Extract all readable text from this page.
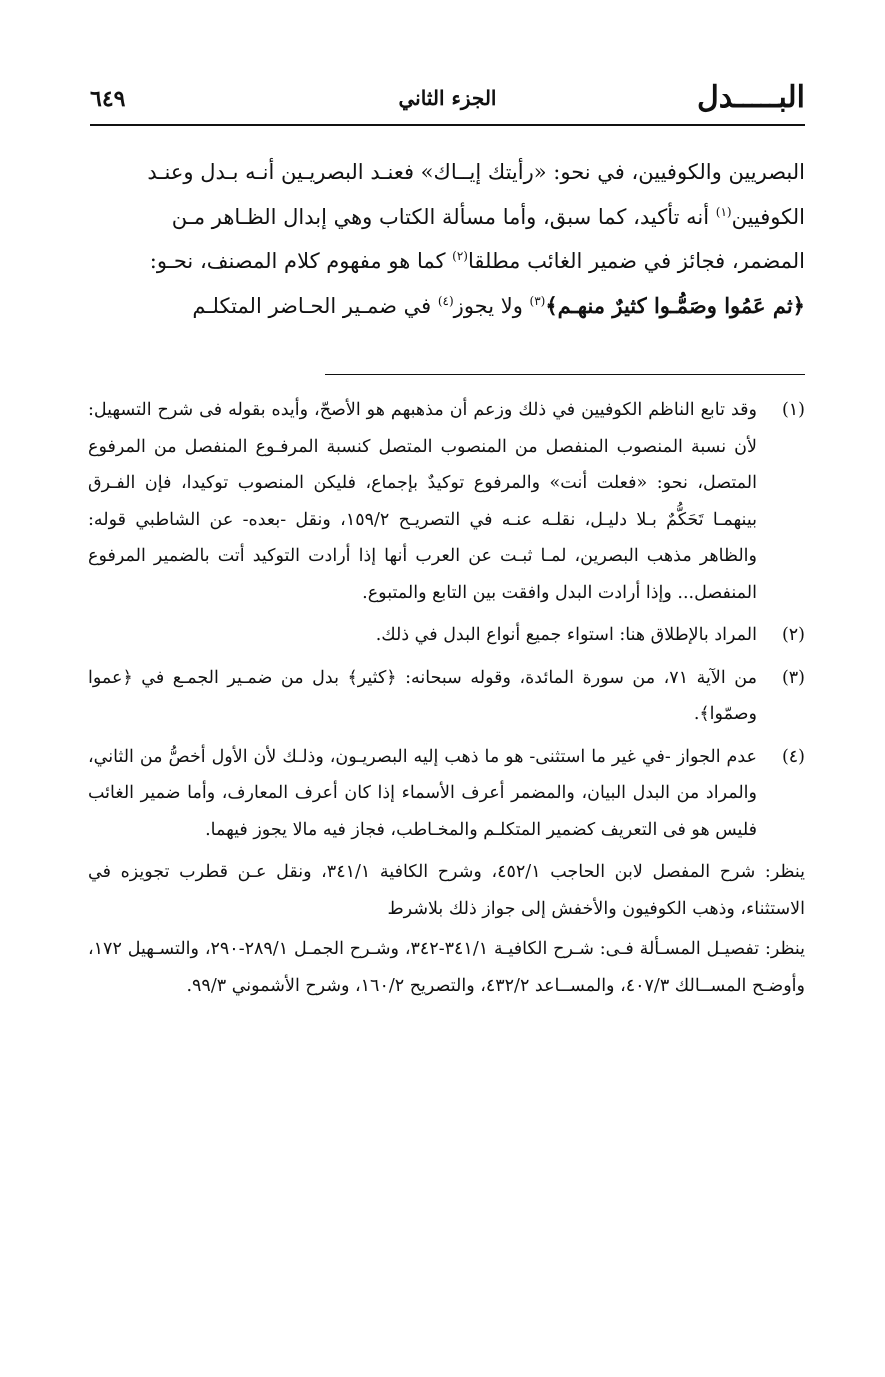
البـــــدل
الجزء الثاني
٦٤٩

البصريين والكوفيين، في نحو: «رأيتك إيــاك» فعنـد البصريـين أنـه بـدل وعنـد

الكوفيين$^{(١)}$ أنه تأكيد، كما سبق، وأما مسألة الكتاب وهي إبدال الظـاهر مـن

المضمر، فجائز في ضمير الغائب مطلقا$^{(٢)}$ كما هو مفهوم كلام المصنف، نحـو:

﴿ثم عَمُوا وصَمُّـوا كثيرٌ منهـم﴾$^{(٣)}$ ولا يجوز$^{(٤)}$ في ضمـير الحـاضر المتكلـم

(١)
وقد تابع الناظم الكوفيين في ذلك وزعم أن مذهبهم هو الأصحّ، وأيده بقوله فى شرح التسهيل: لأن نسبة المنصوب المنفصل من المنصوب المتصل كنسبة المرفـوع المنفصل من المرفوع المتصل، نحو: «فعلت أنت» والمرفوع توكيدٌ بإجماع، فليكن المنصوب توكيدا، فإن الفـرق بينهمـا تَحَكُّمٌ بـلا دليـل، نقلـه عنـه في التصريـح ١٥٩/٢، ونقل -بعده- عن الشاطبي قوله: والظاهر مذهب البصرين، لمـا ثبـت عن العرب أنها إذا أرادت التوكيد أتت بالضمير المرفوع المنفصل... وإذا أرادت البدل وافقت بين التابع والمتبوع.
(٢)
المراد بالإطلاق هنا: استواء جميع أنواع البدل في ذلك.
(٣)
من الآية ٧١، من سورة المائدة، وقوله سبحانه: ﴿كثير﴾ بدل من ضمـير الجمـع في ﴿عموا وصمّوا﴾.
(٤)
عدم الجواز -في غير ما استثنى- هو ما ذهب إليه البصريـون، وذلـك لأن الأول أخصُّ من الثاني، والمراد من البدل البيان، والمضمر أعرف الأسماء إذا كان أعرف المعارف، وأما ضمير الغائب فليس هو فى التعريف كضمير المتكلـم والمخـاطب، فجاز فيه مالا يجوز فيهما.
ينظر: شرح المفصل لابن الحاجب ٤٥٢/١، وشرح الكافية ٣٤١/١، ونقل عـن قطرب تجويزه في الاستثناء، وذهب الكوفيون والأخفش إلى جواز ذلك بلاشرط
ينظر: تفصيـل المسـألة فـى: شـرح الكافيـة ٣٤١/١-٣٤٢، وشـرح الجمـل ٢٨٩/١-٢٩٠، والتسـهيل ١٧٢، وأوضـح المســالك ٤٠٧/٣، والمســاعد ٤٣٢/٢، والتصريح ١٦٠/٢، وشرح الأشموني ٩٩/٣.
